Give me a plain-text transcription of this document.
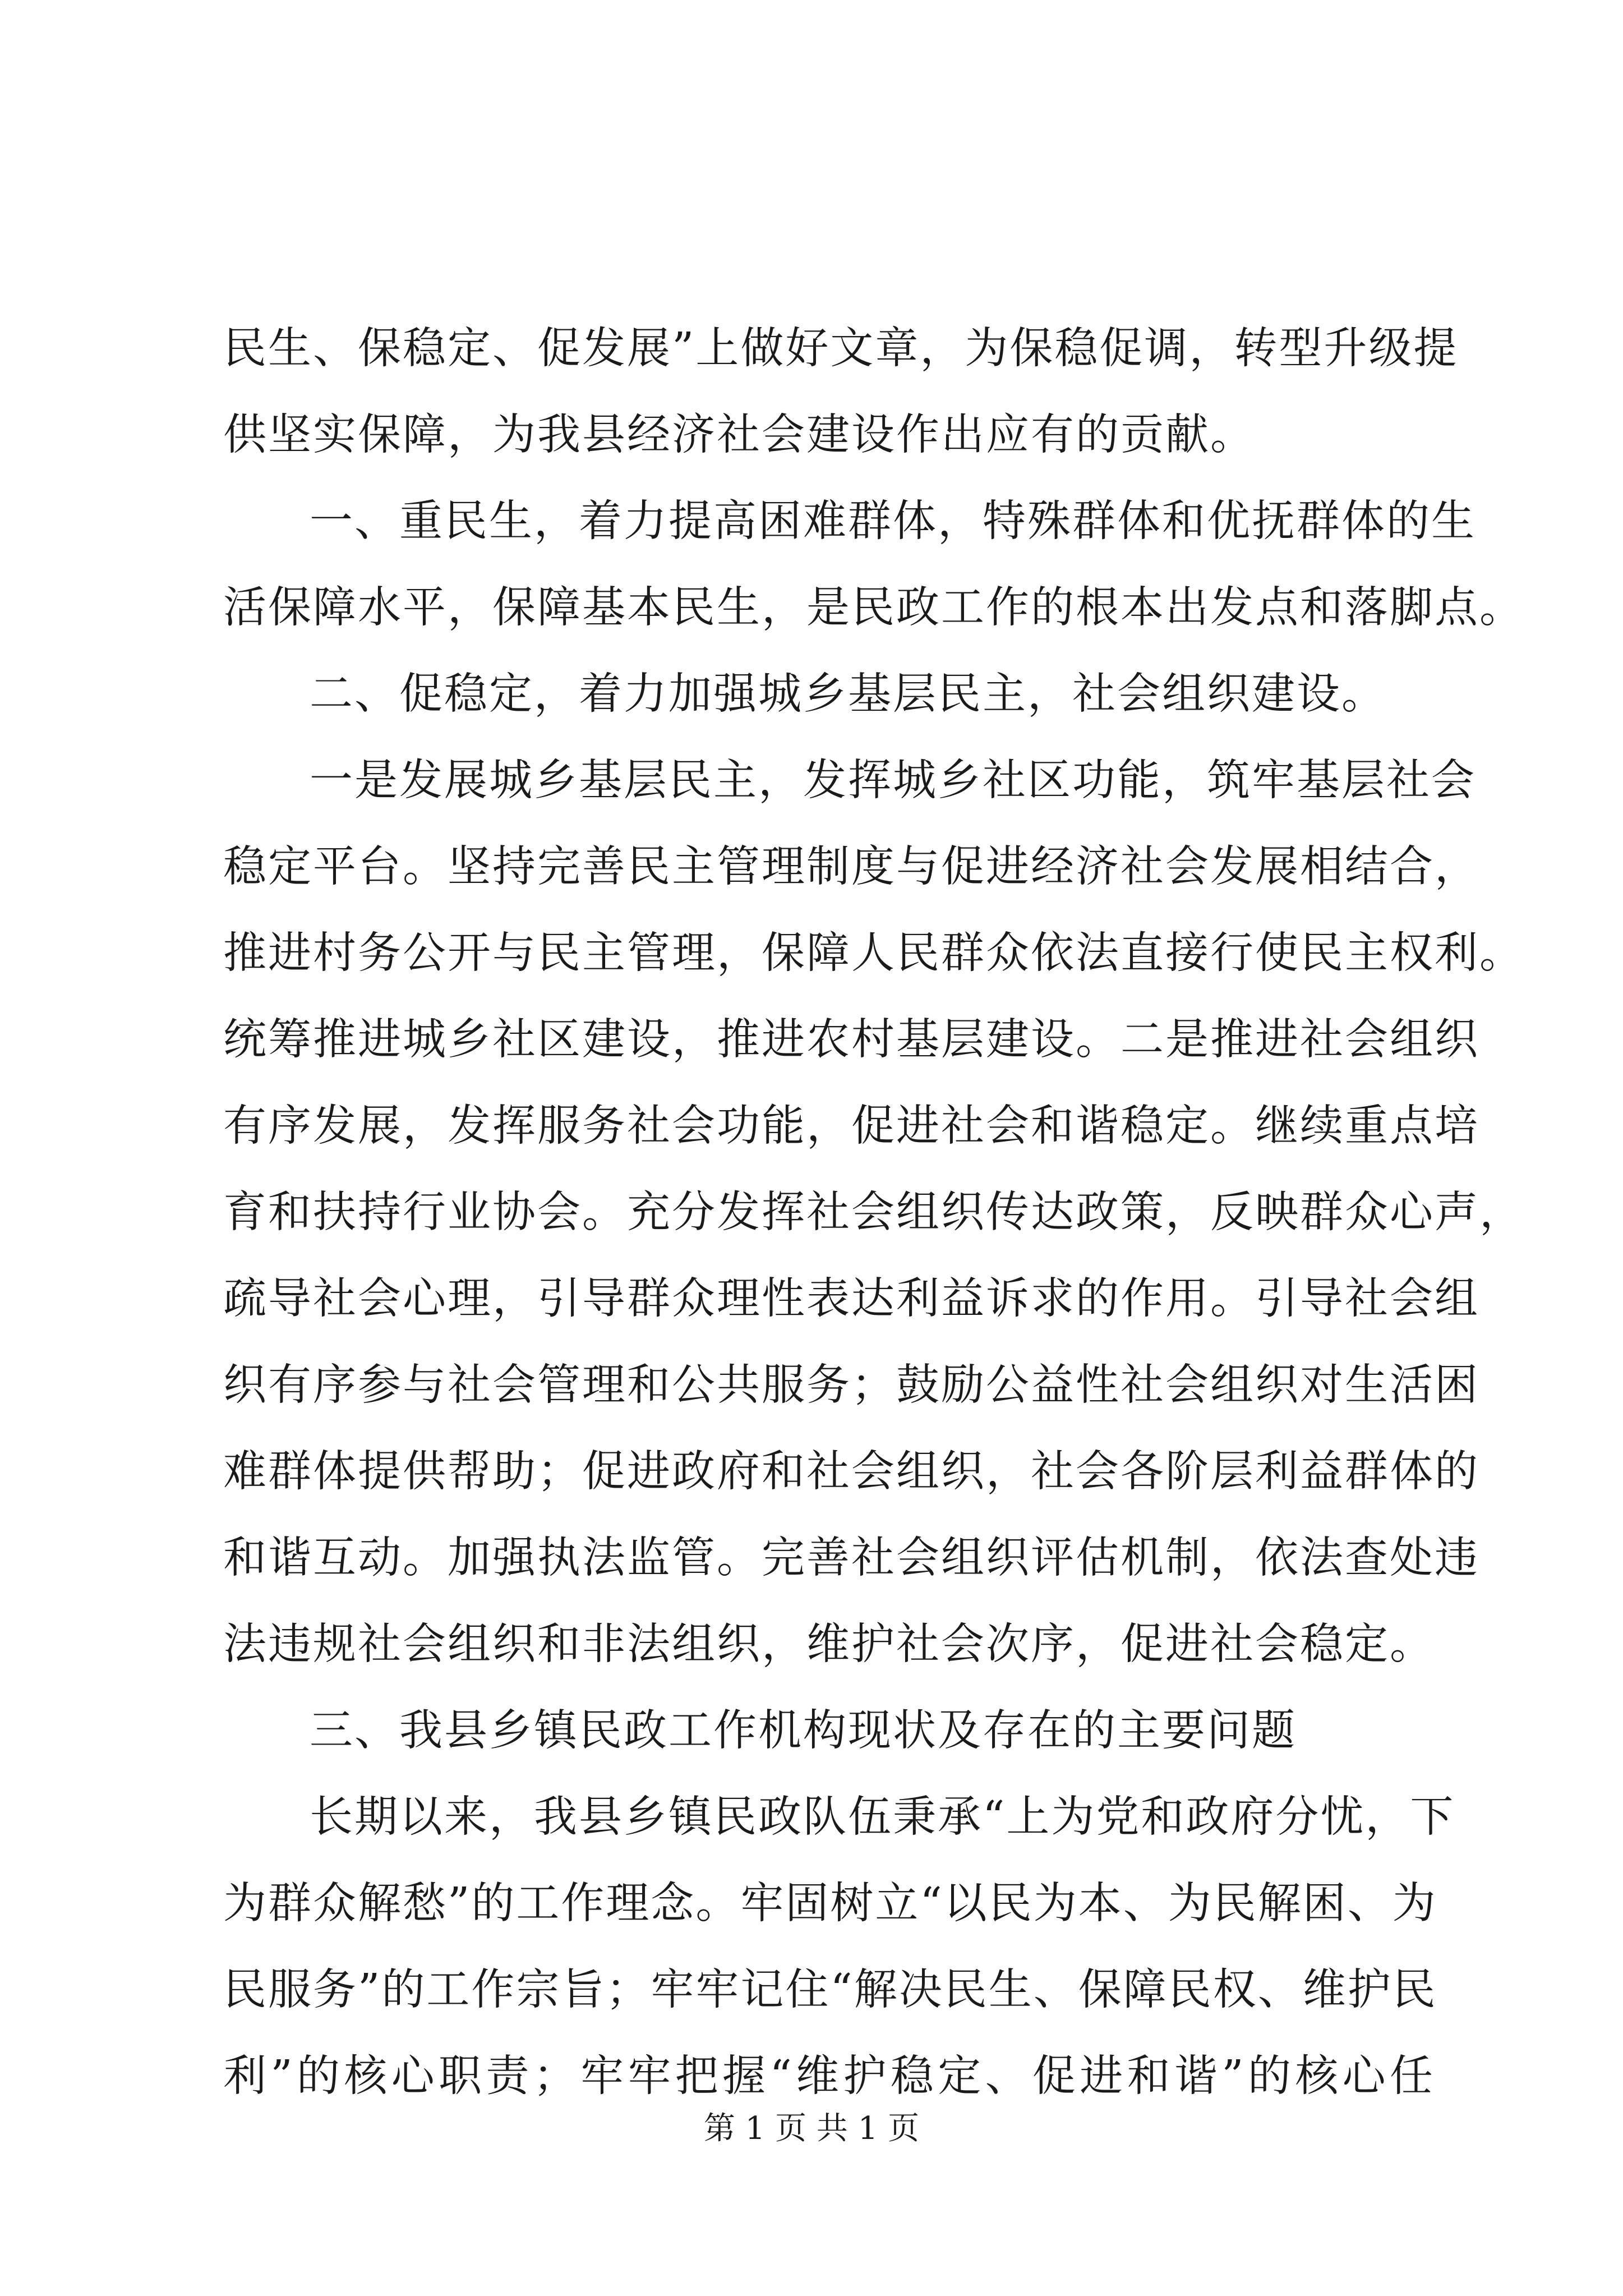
民生、保稳定、促发展”上做好文章，为保稳促调，转型升级提

供坚实保障，为我县经济社会建设作出应有的贡献。

一、重民生，着力提高困难群体，特殊群体和优抚群体的生

活保障水平，保障基本民生，是民政工作的根本出发点和落脚点。

二、促稳定，着力加强城乡基层民主，社会组织建设。

一是发展城乡基层民主，发挥城乡社区功能，筑牢基层社会

稳定平台。坚持完善民主管理制度与促进经济社会发展相结合，

推进村务公开与民主管理，保障人民群众依法直接行使民主权利。

统筹推进城乡社区建设，推进农村基层建设。二是推进社会组织

有序发展，发挥服务社会功能，促进社会和谐稳定。继续重点培

育和扶持行业协会。充分发挥社会组织传达政策，反映群众心声，

疏导社会心理，引导群众理性表达利益诉求的作用。引导社会组

织有序参与社会管理和公共服务；鼓励公益性社会组织对生活困

难群体提供帮助；促进政府和社会组织，社会各阶层利益群体的

和谐互动。加强执法监管。完善社会组织评估机制，依法查处违

法违规社会组织和非法组织，维护社会次序，促进社会稳定。

三、我县乡镇民政工作机构现状及存在的主要问题

长期以来，我县乡镇民政队伍秉承“上为党和政府分忧，下

为群众解愁”的工作理念。牢固树立“以民为本、为民解困、为

民服务”的工作宗旨；牢牢记住“解决民生、保障民权、维护民

利”的核心职责；牢牢把握“维护稳定、促进和谐”的核心任

第 1 页 共 1 页
